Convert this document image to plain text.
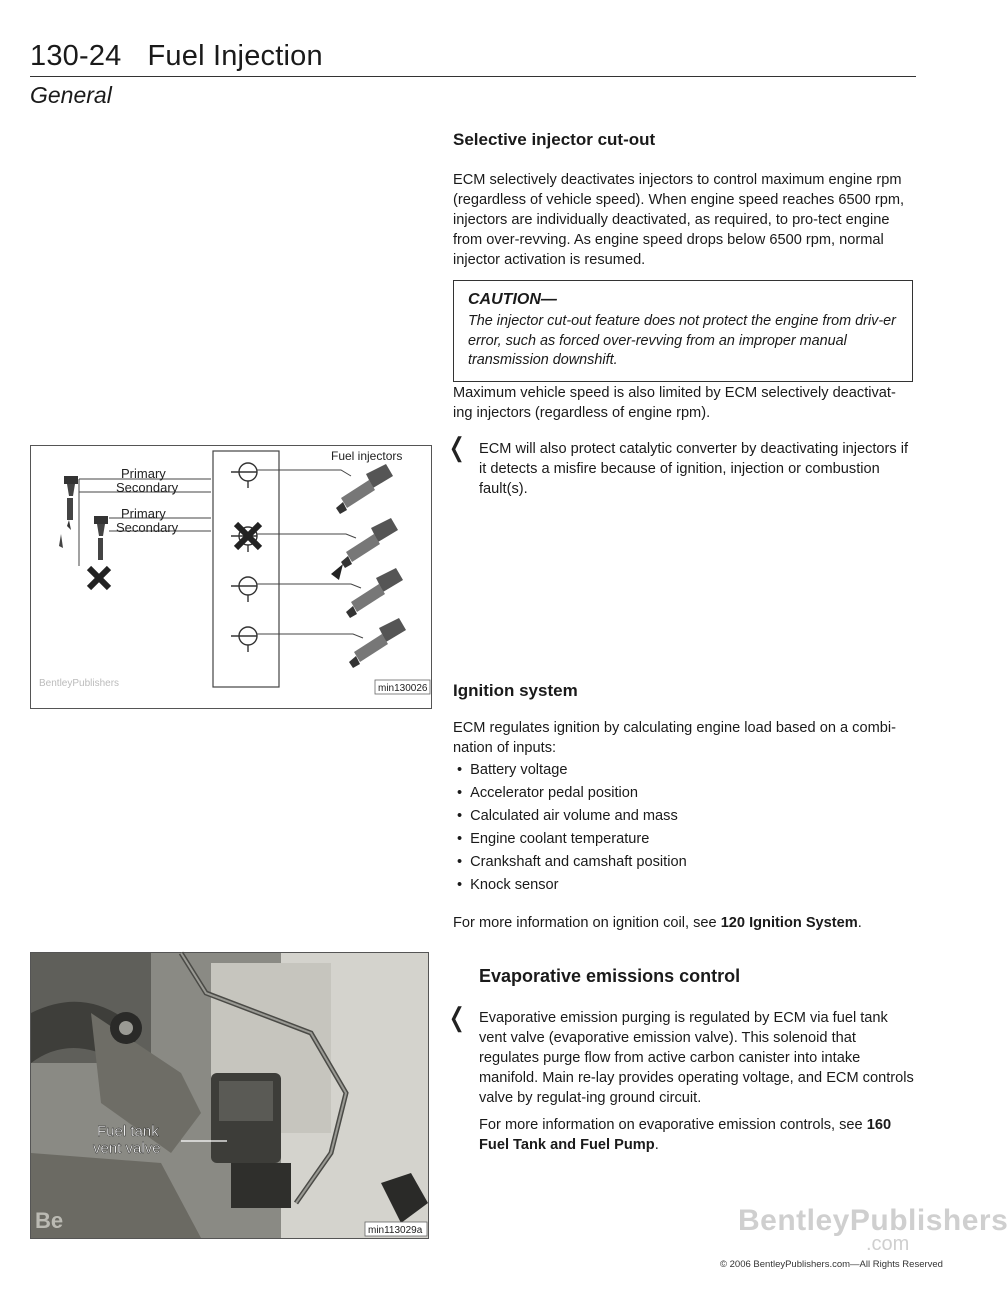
130-24 Fuel Injection
General
Selective injector cut-out
ECM selectively deactivates injectors to control maximum engine rpm (regardless of vehicle speed). When engine speed reaches 6500 rpm, injectors are individually deactivated, as required, to pro-tect engine from over-revving. As engine speed drops below 6500 rpm, normal injector activation is resumed.
CAUTION—
The injector cut-out feature does not protect the engine from driv-er error, such as forced over-revving from an improper manual transmission downshift.
Maximum vehicle speed is also limited by ECM selectively deactivat-ing injectors (regardless of engine rpm).
❬ ECM will also protect catalytic converter by deactivating injectors if it detects a misfire because of ignition, injection or combustion fault(s).
Primary
Secondary
Primary
Secondary
Fuel injectors
BentleyPublishers	min130026 Ignition system
ECM regulates ignition by calculating engine load based on a combi-nation of inputs:
• Battery voltage
• Accelerator pedal position
• Calculated air volume and mass
• Engine coolant temperature
• Crankshaft and camshaft position
• Knock sensor
For more information on ignition coil, see 120 Ignition System.
Fuel tank
vent valve
Be	min113029a
Evaporative emissions control
❬ Evaporative emission purging is regulated by ECM via fuel tank vent valve (evaporative emission valve). This solenoid that regulates purge flow from active carbon canister into intake manifold. Main re-lay provides operating voltage, and ECM controls valve by regulat-ing ground circuit.
For more information on evaporative emission controls, see 160 Fuel Tank and Fuel Pump.
BentleyPublishers
.com
© 2006 BentleyPublishers.com—All Rights Reserved
